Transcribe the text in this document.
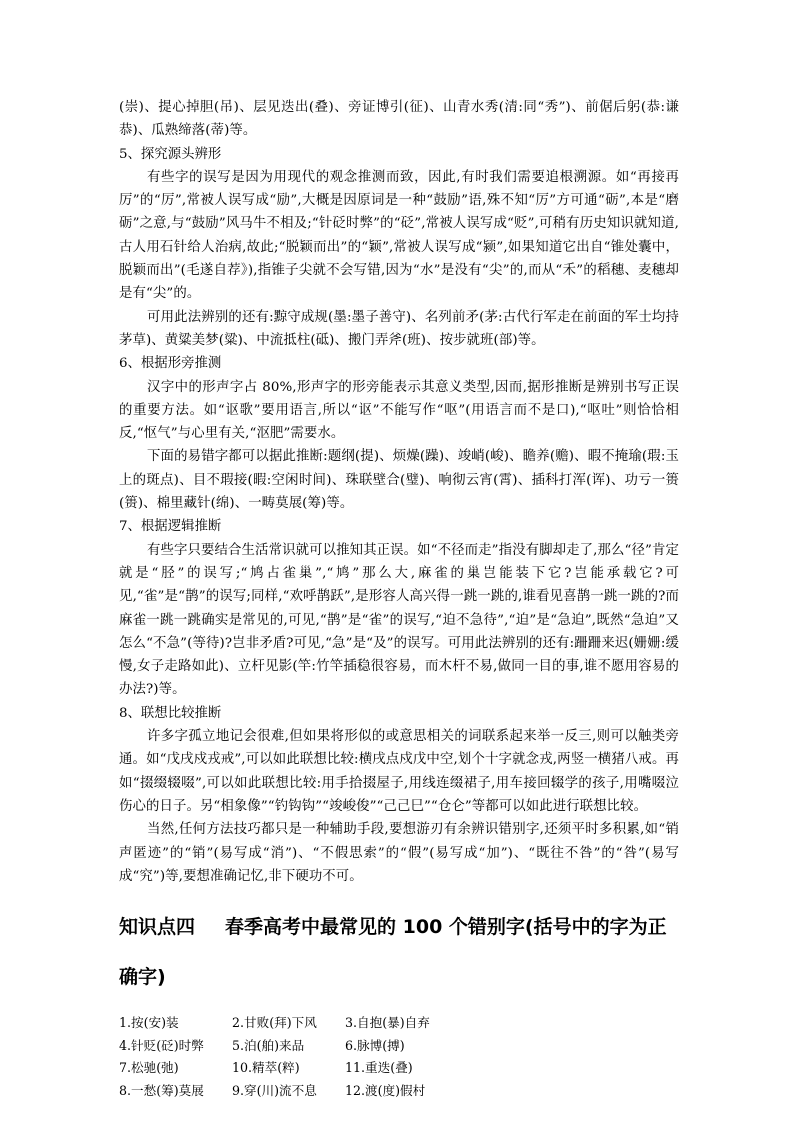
(崇)、提心掉胆(吊)、层见迭出(叠)、旁证博引(征)、山青水秀(清:同“秀”)、前倨后躬(恭:谦恭)、瓜熟缔落(蒂)等。

5、探究源头辨形

有些字的误写是因为用现代的观念推测而致，因此,有时我们需要追根溯源。如“再接再厉”的“厉”,常被人误写成“励”,大概是因原词是一种“鼓励”语,殊不知“厉”方可通“砺”,本是“磨砺”之意,与“鼓励”风马牛不相及;“针砭时弊”的“砭”,常被人误写成“贬”,可稍有历史知识就知道,古人用石针给人治病,故此;“脱颖而出”的“颖”,常被人误写成“颍”,如果知道它出自“锥处囊中，脱颖而出”(毛遂自荐》),指锥子尖就不会写错,因为“水”是没有“尖”的,而从“禾”的稻穗、麦穗却是有“尖”的。

可用此法辨别的还有:黥守成规(墨:墨子善守)、名列前矛(茅:古代行军走在前面的军士均持茅草)、黄粱美梦(粱)、中流抵柱(砥)、搬门弄斧(班)、按步就班(部)等。

6、根据形旁推测

汉字中的形声字占 80%,形声字的形旁能表示其意义类型,因而,据形推断是辨别书写正误的重要方法。如“讴歌”要用语言,所以“讴”不能写作“呕”(用语言而不是口),“呕吐”则恰恰相反,“怄气”与心里有关,“沤肥”需要水。

下面的易错字都可以据此推断:题纲(提)、烦燥(躁)、竣峭(峻)、瞻养(赡)、暇不掩瑜(瑕:玉上的斑点)、目不瑕接(暇:空闲时间)、珠联壁合(璧)、响彻云宵(霄)、插科打浑(诨)、功亏一篑(篑)、棉里藏针(绵)、一畴莫展(筹)等。

7、根据逻辑推断

有些字只要结合生活常识就可以推知其正误。如“不径而走”指没有脚却走了,那么“径”肯定就是“胫”的误写;“鸠占雀巢”,“鸠”那么大,麻雀的巢岂能装下它?岂能承载它?可见,“雀”是“鹊”的误写;同样,“欢呼鹊跃”,是形容人高兴得一跳一跳的,谁看见喜鹊一跳一跳的?而麻雀一跳一跳确实是常见的,可见,“鹊”是“雀”的误写,“迫不急待”,“迫”是“急迫”,既然“急迫”又怎么“不急”(等待)?岂非矛盾?可见,“急”是“及”的误写。可用此法辨别的还有:跚跚来迟(姗姗:缓慢,女子走路如此)、立杆见影(竿:竹竿插稳很容易，而木杆不易,做同一目的事,谁不愿用容易的办法?)等。

8、联想比较推断

许多字孤立地记会很难,但如果将形似的或意思相关的词联系起来举一反三,则可以触类旁通。如“戊戌戍戎戒”,可以如此联想比较:横戌点戍戊中空,划个十字就念戎,两竖一横猪八戒。再如“掇缀辍啜”,可以如此联想比较:用手拾掇屋子,用线连缀裙子,用车接回辍学的孩子,用嘴啜泣伤心的日子。另“相象像”“钓钩钩”“竣峻俊”“己己巳”“仓仑”等都可以如此进行联想比较。

当然,任何方法技巧都只是一种辅助手段,要想游刃有余辨识错别字,还须平时多积累,如“销声匿迹”的“销”(易写成“消”)、“不假思索”的“假”(易写成“加”)、“既往不咎”的“咎”(易写成“究”)等,要想准确记忆,非下硬功不可。

知识点四 春季高考中最常见的 100 个错别字(括号中的字为正确字)
1.按(安)装	2.甘败(拜)下风	3.自抱(暴)自弃
4.针贬(砭)时弊	5.泊(舶)来品	6.脉博(搏)
7.松驰(弛)	10.精萃(粹)	11.重迭(叠)
8.一愁(筹)莫展	9.穿(川)流不息	12.渡(度)假村
